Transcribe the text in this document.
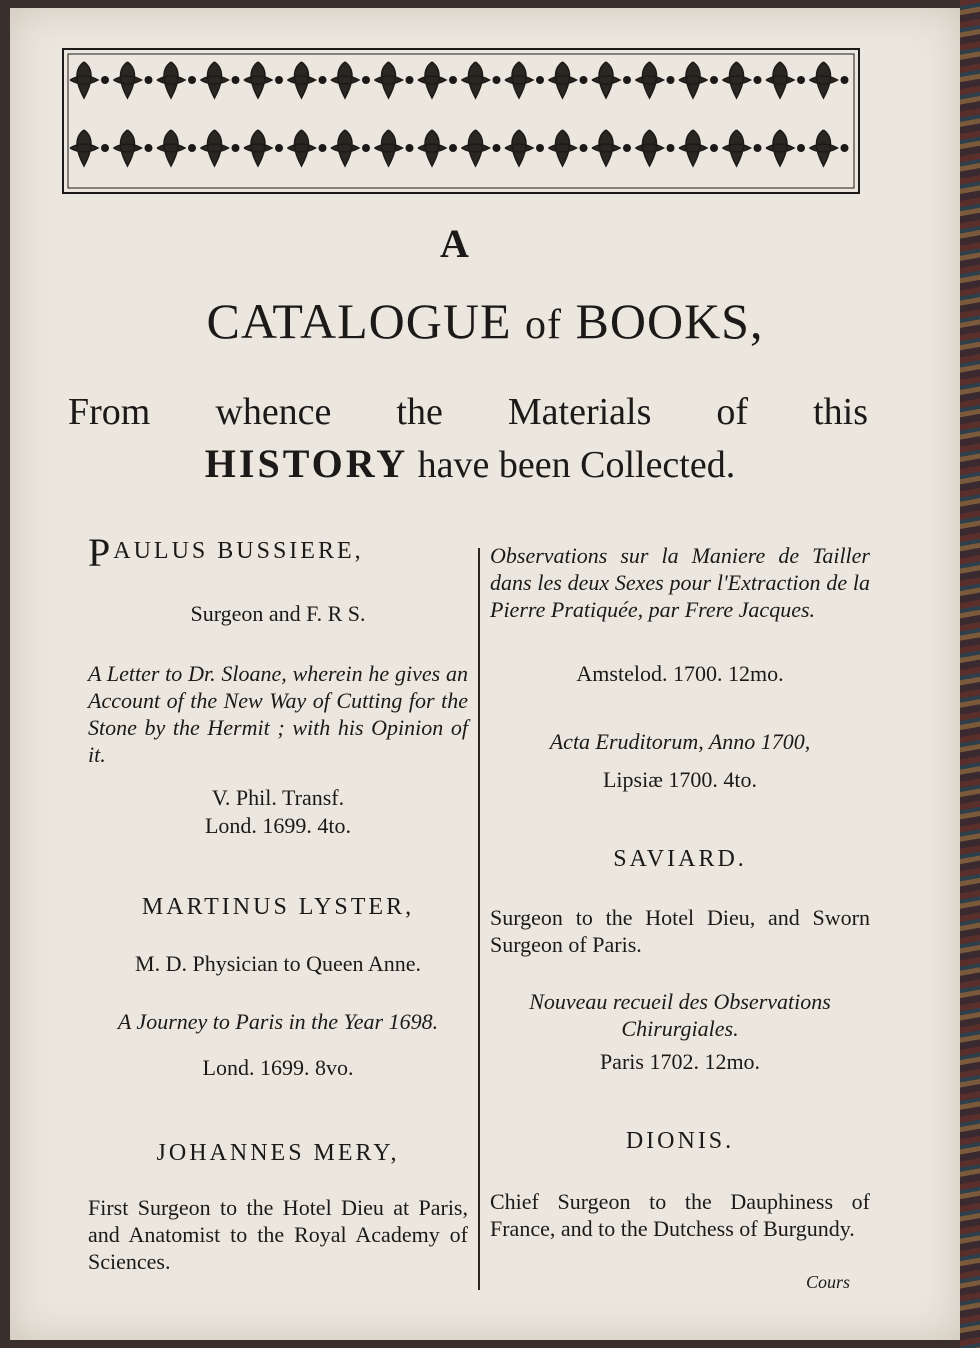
A
CATALOGUE of BOOKS,
From whence the Materials of this
HISTORY have been Collected.
PAULUS BUSSIERE,
Surgeon and F. R S.
A Letter to Dr. Sloane, wherein he gives an Account of the New Way of Cutting for the Stone by the Hermit ; with his Opinion of it.
V. Phil. Transf.
Lond. 1699. 4to.
MARTINUS LYSTER,
M. D. Physician to Queen Anne.
A Journey to Paris in the Year 1698.
Lond. 1699. 8vo.
JOHANNES MERY,
First Surgeon to the Hotel Dieu at Paris, and Anatomist to the Royal Academy of Sciences.
Observations sur la Maniere de Tailler dans les deux Sexes pour l'Extraction de la Pierre Pratiquée, par Frere Jacques.
Amstelod. 1700. 12mo.
Acta Eruditorum, Anno 1700,
Lipsiæ 1700. 4to.
SAVIARD.
Surgeon to the Hotel Dieu, and Sworn Surgeon of Paris.
Nouveau recueil des Observations Chirurgiales.
Paris 1702. 12mo.
DIONIS.
Chief Surgeon to the Dauphiness of France, and to the Dutchess of Burgundy.
Cours
